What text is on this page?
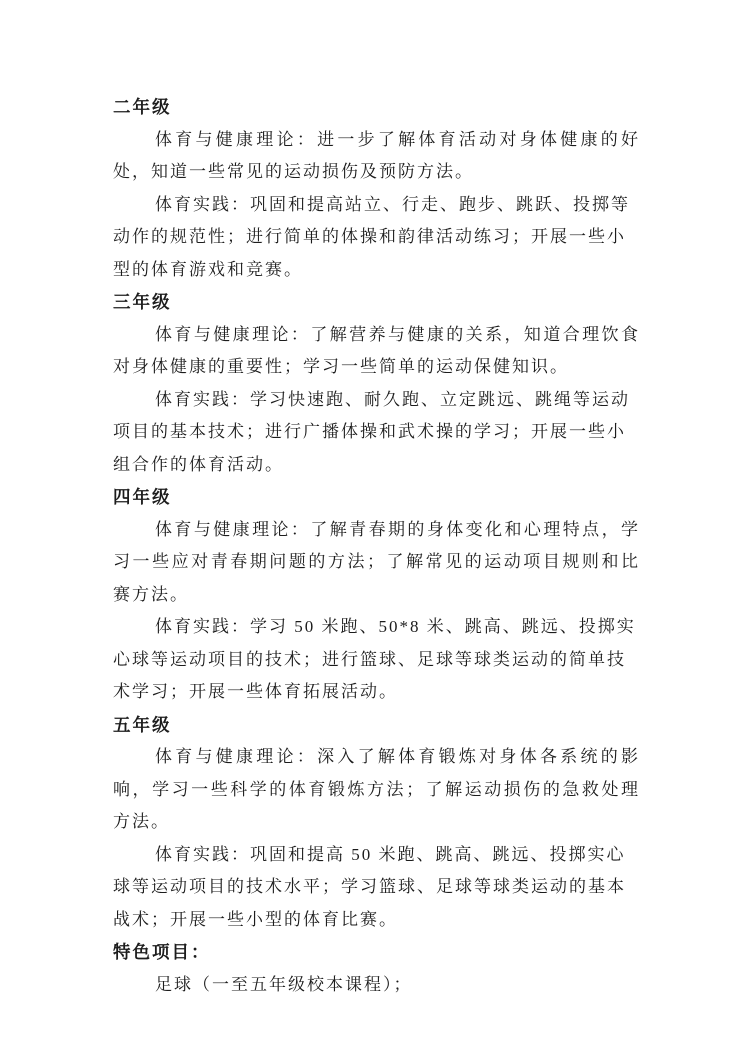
二年级

体育与健康理论：进一步了解体育活动对身体健康的好处，知道一些常见的运动损伤及预防方法。

体育实践：巩固和提高站立、行走、跑步、跳跃、投掷等动作的规范性；进行简单的体操和韵律活动练习；开展一些小型的体育游戏和竞赛。

三年级

体育与健康理论：了解营养与健康的关系，知道合理饮食对身体健康的重要性；学习一些简单的运动保健知识。

体育实践：学习快速跑、耐久跑、立定跳远、跳绳等运动项目的基本技术；进行广播体操和武术操的学习；开展一些小组合作的体育活动。

四年级

体育与健康理论：了解青春期的身体变化和心理特点，学习一些应对青春期问题的方法；了解常见的运动项目规则和比赛方法。

体育实践：学习 50 米跑、50*8 米、跳高、跳远、投掷实心球等运动项目的技术；进行篮球、足球等球类运动的简单技术学习；开展一些体育拓展活动。

五年级

体育与健康理论：深入了解体育锻炼对身体各系统的影响，学习一些科学的体育锻炼方法；了解运动损伤的急救处理方法。

体育实践：巩固和提高 50 米跑、跳高、跳远、投掷实心球等运动项目的技术水平；学习篮球、足球等球类运动的基本战术；开展一些小型的体育比赛。

特色项目：

足球（一至五年级校本课程）；
